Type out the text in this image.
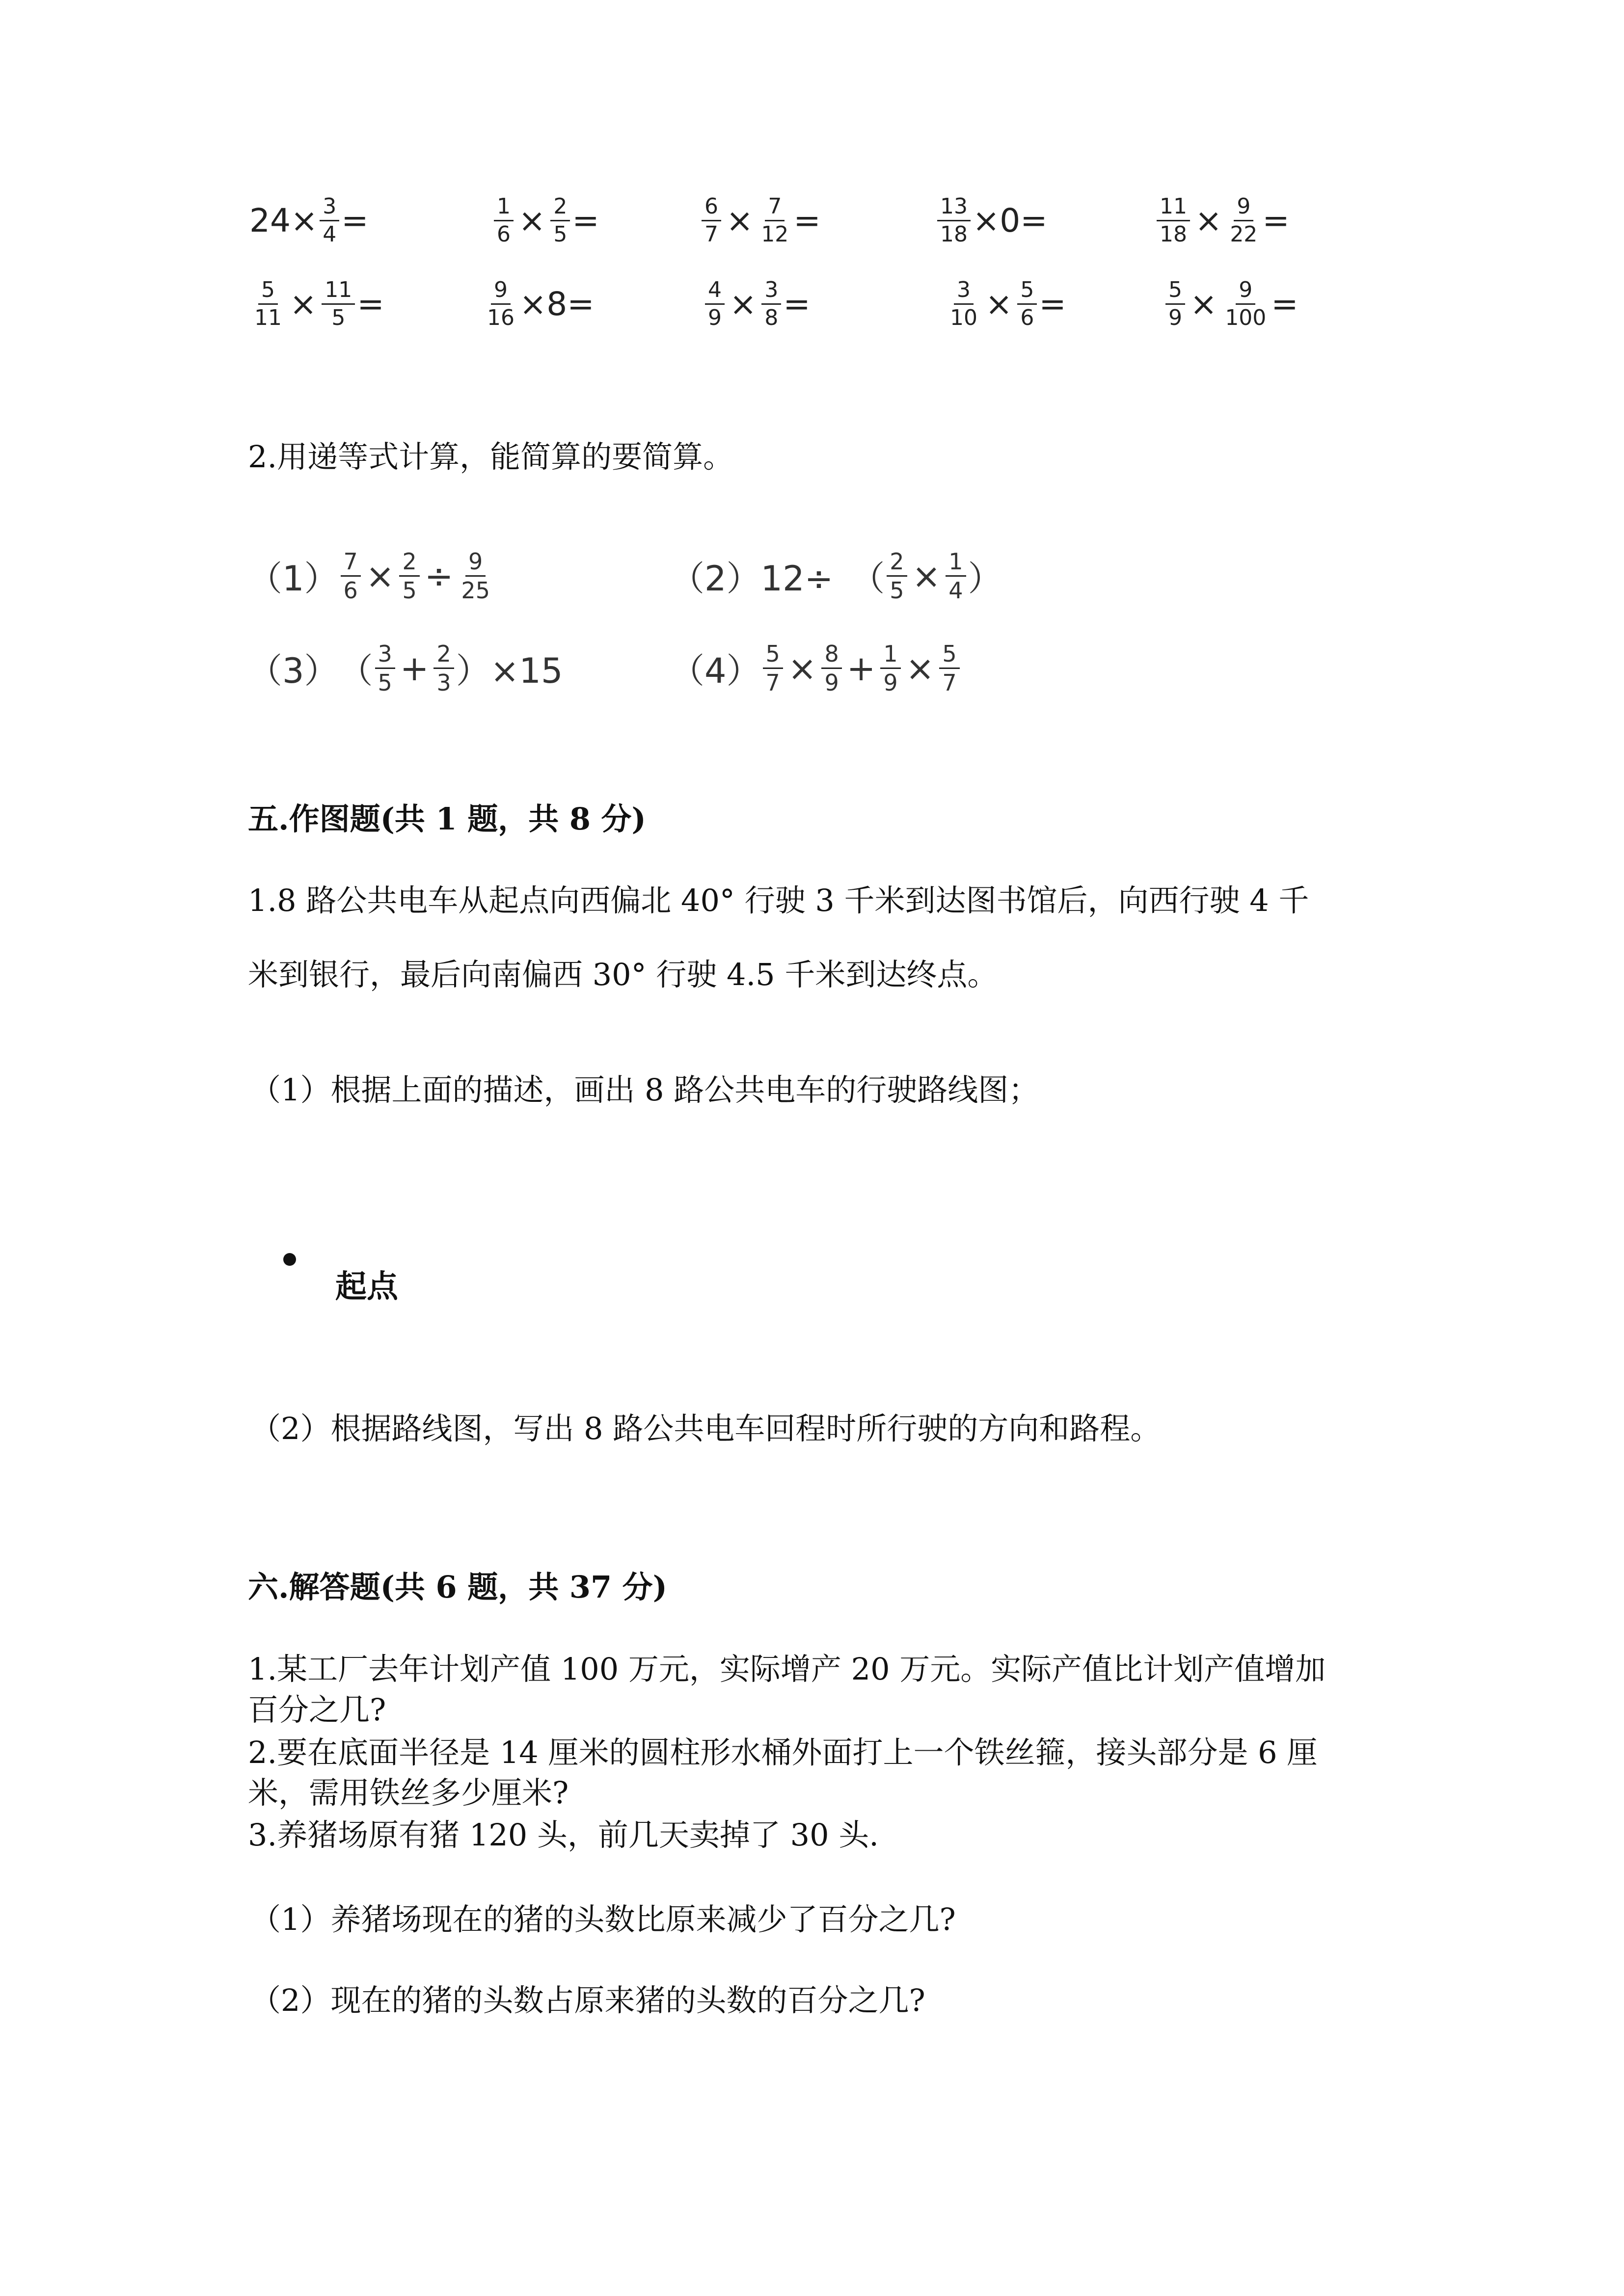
$24\times \frac{3}{4}$ =	$\frac{1}{6} \times \frac{2}{5}$ =	$\frac{6}{7} \times \frac{7}{12}$ =	$\frac{13}{18} \times 0=$	$\frac{11}{18} \times \frac{9}{22}$ =
$\frac{5}{11} \times \frac{11}{5}$ =	$\frac{9}{16} \times 8=$	$\frac{4}{9} \times \frac{3}{8}$ =	$\frac{3}{10} \times \frac{5}{6}$ =	$\frac{5}{9} \times \frac{9}{100}$ =
2.用递等式计算，能简算的要简算。
$(1) \frac{7}{6} \times \frac{2}{5} \div \frac{9}{25}$	（2） 12÷　（ $\frac{2}{5} \times \frac{1}{4}$ ）
（3） （ $\frac{3}{5} + \frac{2}{3} )\times 15$	$(4) \frac{5}{7} \times \frac{8}{9} + \frac{1}{9} \times \frac{5}{7}$
五.作图题(共 1 题，共 8 分)
1.8 路公共电车从起点向西偏北 40° 行驶 3 千米到达图书馆后，向西行驶 4 千
米到银行，最后向南偏西 30° 行驶 4.5 千米到达终点。
（1）根据上面的描述，画出 8 路公共电车的行驶路线图；
起点
（2）根据路线图，写出 8 路公共电车回程时所行驶的方向和路程。
六.解答题(共 6 题，共 37 分)
1.某工厂去年计划产值 100 万元，实际增产 20 万元。实际产值比计划产值增加
百分之几?
2.要在底面半径是 14 厘米的圆柱形水桶外面打上一个铁丝箍，接头部分是 6 厘
米，需用铁丝多少厘米?
3.养猪场原有猪 120 头，前几天卖掉了 30 头.
（1）养猪场现在的猪的头数比原来减少了百分之几?
（2）现在的猪的头数占原来猪的头数的百分之几?
